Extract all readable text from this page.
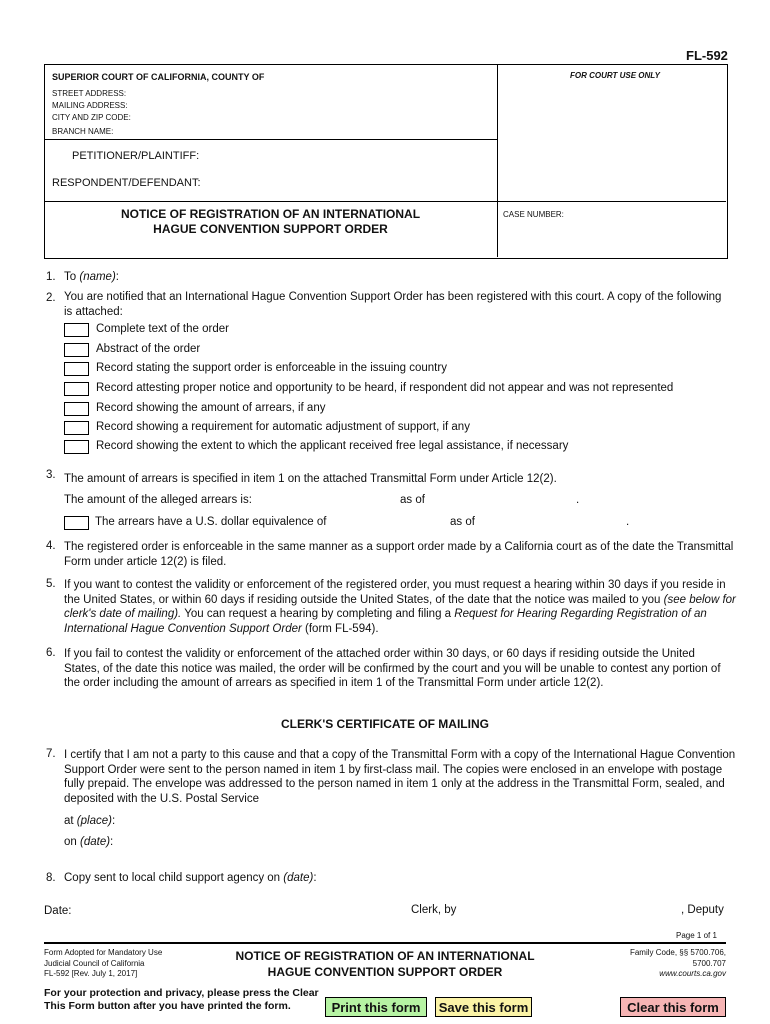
FL-592
SUPERIOR COURT OF CALIFORNIA, COUNTY OF	FOR COURT USE ONLY
STREET ADDRESS:
MAILING ADDRESS:
CITY AND ZIP CODE:
BRANCH NAME:
PETITIONER/PLAINTIFF:
RESPONDENT/DEFENDANT:
NOTICE OF REGISTRATION OF AN INTERNATIONAL
HAGUE CONVENTION SUPPORT ORDER
CASE NUMBER:
1. To (name):
2. You are notified that an International Hague Convention Support Order has been registered with this court. A copy of the following
is attached:
Complete text of the order
Abstract of the order
Record stating the support order is enforceable in the issuing country
Record attesting proper notice and opportunity to be heard, if respondent did not appear and was not represented
Record showing the amount of arrears, if any
Record showing a requirement for automatic adjustment of support, if any
Record showing the extent to which the applicant received free legal assistance, if necessary
3. The amount of arrears is specified in item 1 on the attached Transmittal Form under Article 12(2).
The amount of the alleged arrears is:	as of	.
The arrears have a U.S. dollar equivalence of	as of	.
4. The registered order is enforceable in the same manner as a support order made by a California court as of the date the Transmittal
Form under article 12(2) is filed.
5. If you want to contest the validity or enforcement of the registered order, you must request a hearing within 30 days if you reside in
the United States, or within 60 days if residing outside the United States, of the date that the notice was mailed to you (see below for
clerk's date of mailing). You can request a hearing by completing and filing a Request for Hearing Regarding Registration of an
International Hague Convention Support Order (form FL-594).
6. If you fail to contest the validity or enforcement of the attached order within 30 days, or 60 days if residing outside the United
States, of the date this notice was mailed, the order will be confirmed by the court and you will be unable to contest any portion of
the order including the amount of arrears as specified in item 1 of the Transmittal Form under article 12(2).
CLERK'S CERTIFICATE OF MAILING
7. I certify that I am not a party to this cause and that a copy of the Transmittal Form with a copy of the International Hague Convention
Support Order were sent to the person named in item 1 by first-class mail. The copies were enclosed in an envelope with postage
fully prepaid. The envelope was addressed to the person named in item 1 only at the address in the Transmittal Form, sealed, and
deposited with the U.S. Postal Service
at (place):
on (date):
8. Copy sent to local child support agency on (date):
Date:	Clerk, by	, Deputy
Page 1 of 1
Form Adopted for Mandatory Use
Judicial Council of California
FL-592 [Rev. July 1, 2017]
NOTICE OF REGISTRATION OF AN INTERNATIONAL
HAGUE CONVENTION SUPPORT ORDER
Family Code, §§ 5700.706,
5700.707
www.courts.ca.gov
For your protection and privacy, please press the Clear
This Form button after you have printed the form.	Print this form	Save this form	Clear this form
